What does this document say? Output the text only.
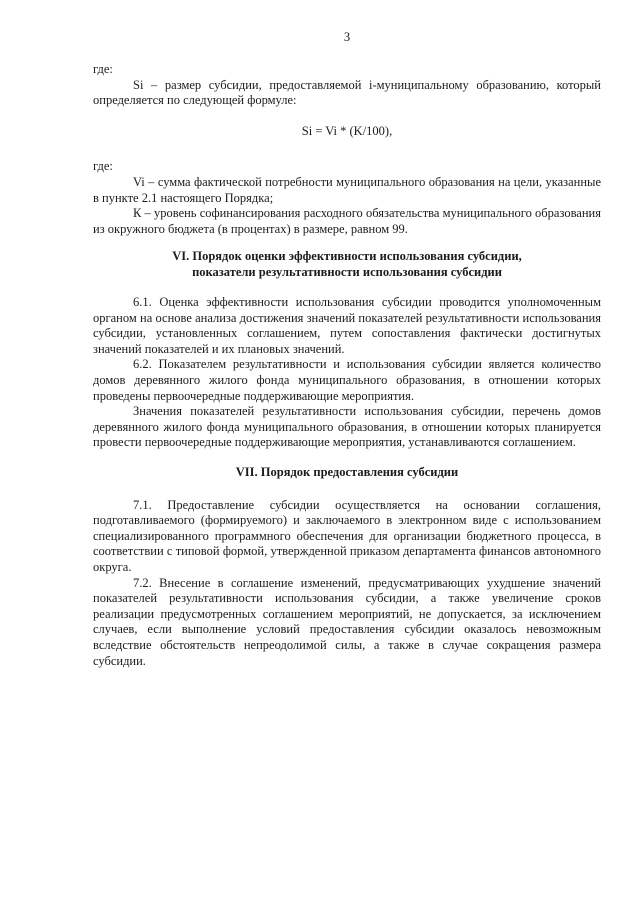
3

где:

Si – размер субсидии, предоставляемой i-муниципальному образованию, который определяется по следующей формуле:

Si = Vi * (K/100),

где:

Vi – сумма фактической потребности муниципального образования на цели, указанные в пункте 2.1 настоящего Порядка;

К – уровень софинансирования расходного обязательства муниципального образования из окружного бюджета (в процентах) в размере, равном 99.

VI. Порядок оценки эффективности использования субсидии,
показатели результативности использования субсидии

6.1. Оценка эффективности использования субсидии проводится уполномоченным органом на основе анализа достижения значений показателей результативности использования субсидии, установленных соглашением, путем сопоставления фактически достигнутых значений показателей и их плановых значений.

6.2. Показателем результативности и использования субсидии является количество домов деревянного жилого фонда муниципального образования, в отношении которых проведены первоочередные поддерживающие мероприятия.

Значения показателей результативности использования субсидии, перечень домов деревянного жилого фонда муниципального образования, в отношении которых планируется провести первоочередные поддерживающие мероприятия, устанавливаются соглашением.

VII. Порядок предоставления субсидии

7.1. Предоставление субсидии осуществляется на основании соглашения, подготавливаемого (формируемого) и заключаемого в электронном виде с использованием специализированного программного обеспечения для организации бюджетного процесса, в соответствии с типовой формой, утвержденной приказом департамента финансов автономного округа.

7.2. Внесение в соглашение изменений, предусматривающих ухудшение значений показателей результативности использования субсидии, а также увеличение сроков реализации предусмотренных соглашением мероприятий, не допускается, за исключением случаев, если выполнение условий предоставления субсидии оказалось невозможным вследствие обстоятельств непреодолимой силы, а также в случае сокращения размера субсидии.
